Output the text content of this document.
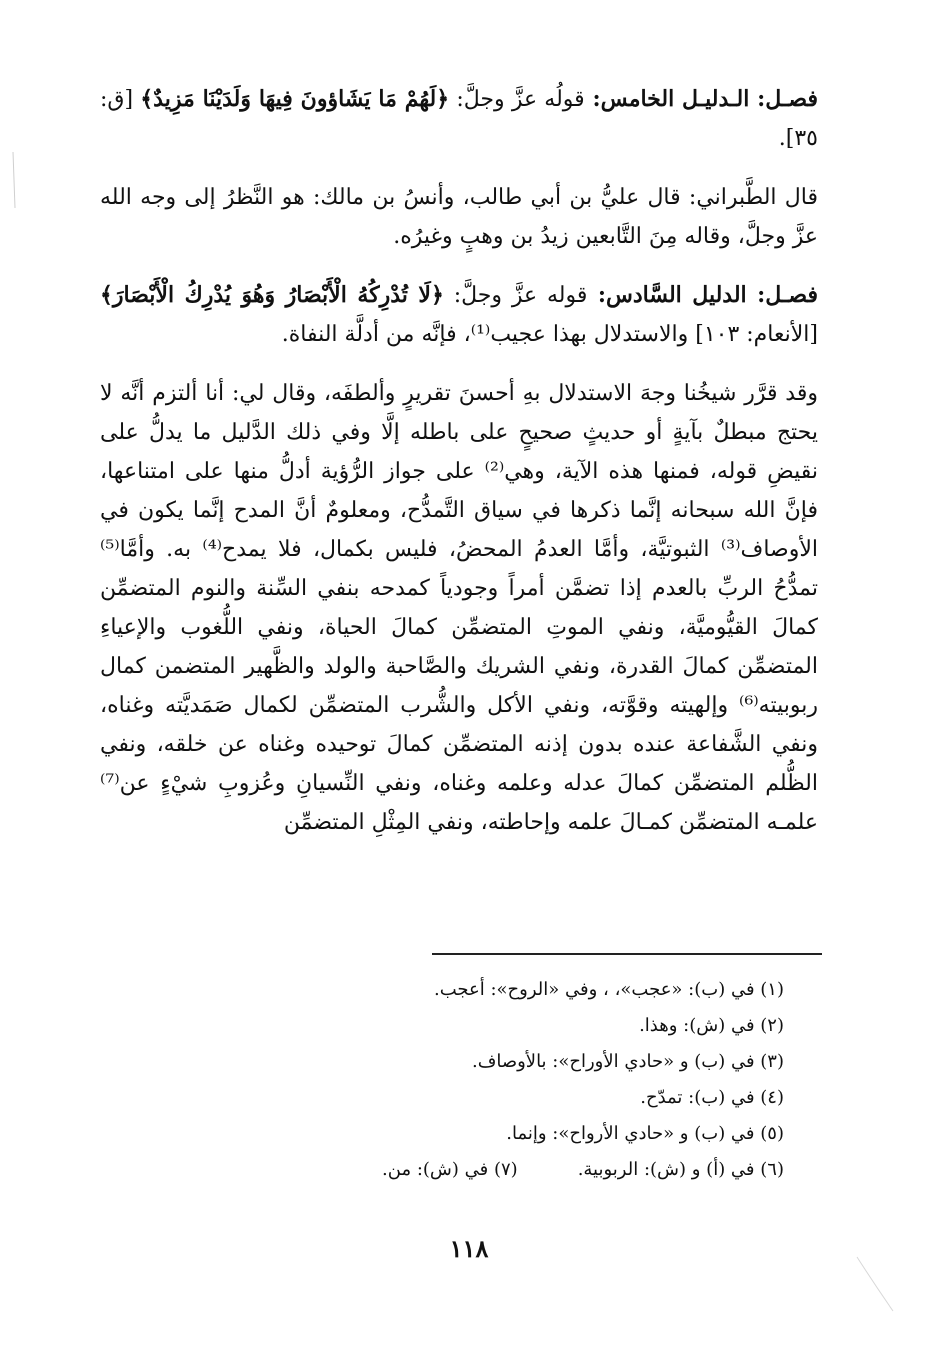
فصـل: الـدليـل الخامس: قولُه عزَّ وجلَّ: ﴿لَهُمْ مَا يَشَاؤونَ فِيهَا وَلَدَيْنَا مَزِيدٌ﴾ [ق: ٣٥].

قال الطَّبراني: قال عليُّ بن أبي طالب، وأنسُ بن مالك: هو النَّظرُ إلى وجه الله عزَّ وجلَّ، وقاله مِنَ التَّابعين زيدُ بن وهبٍ وغيرُه.

فصـل: الدليل السَّادس: قوله عزَّ وجلَّ: ﴿لَا تُدْرِكُهُ الْأَبْصَارُ وَهُوَ يُدْرِكُ الْأَبْصَارَ﴾ [الأنعام: ١٠٣] والاستدلال بهذا عجيب⁽¹⁾، فإنَّه من أدلَّة النفاة.

وقد قرَّر شيخُنا وجهَ الاستدلال بهِ أحسنَ تقريرٍ وألطفَه، وقال لي: أنا ألتزم أنَّه لا يحتج مبطلٌ بآيةٍ أو حديثٍ صحيحٍ على باطله إلَّا وفي ذلك الدَّليل ما يدلُّ على نقيضِ قوله، فمنها هذه الآية، وهي⁽²⁾ على جواز الرُّؤية أدلُّ منها على امتناعها، فإنَّ الله سبحانه إنَّما ذكرها في سياق التَّمدُّح، ومعلومٌ أنَّ المدح إنَّما يكون في الأوصاف⁽³⁾ الثبوتيَّة، وأمَّا العدمُ المحضُ، فليس بكمال، فلا يمدح⁽⁴⁾ به. وأمَّا⁽⁵⁾ تمدُّحُ الربِّ بالعدم إذا تضمَّن أمراً وجودياً كمدحه بنفي السِّنة والنوم المتضمِّن كمالَ القيُّوميَّة، ونفي الموتِ المتضمِّن كمالَ الحياة، ونفي اللُّغوب والإعياءِ المتضمِّن كمالَ القدرة، ونفي الشريك والصَّاحبة والولد والظَّهير المتضمن كمال ربوبيته⁽⁶⁾ وإلهيته وقوَّته، ونفي الأكل والشُّرب المتضمِّن لكمال صَمَديَّته وغناه، ونفي الشَّفاعة عنده بدون إذنه المتضمِّن كمالَ توحيده وغناه عن خلقه، ونفي الظُّلم المتضمِّن كمالَ عدله وعلمه وغناه، ونفي النِّسيانِ وعُزوبِ شيْءٍ عن⁽⁷⁾ علمـه المتضمِّن كمـالَ علمه وإحاطته، ونفي المِثْلِ المتضمِّن

(١) في (ب): «عجب»، ، وفي «الروح»: أعجب.
(٢) في (ش): وهذا.
(٣) في (ب) و «حادي الأوراح»: بالأوصاف.
(٤) في (ب): تمدّح.
(٥) في (ب) و «حادي الأرواح»: وإنما.
(٦) في (أ) و (ش): الربوبية.
(٧) في (ش): من.
١١٨
